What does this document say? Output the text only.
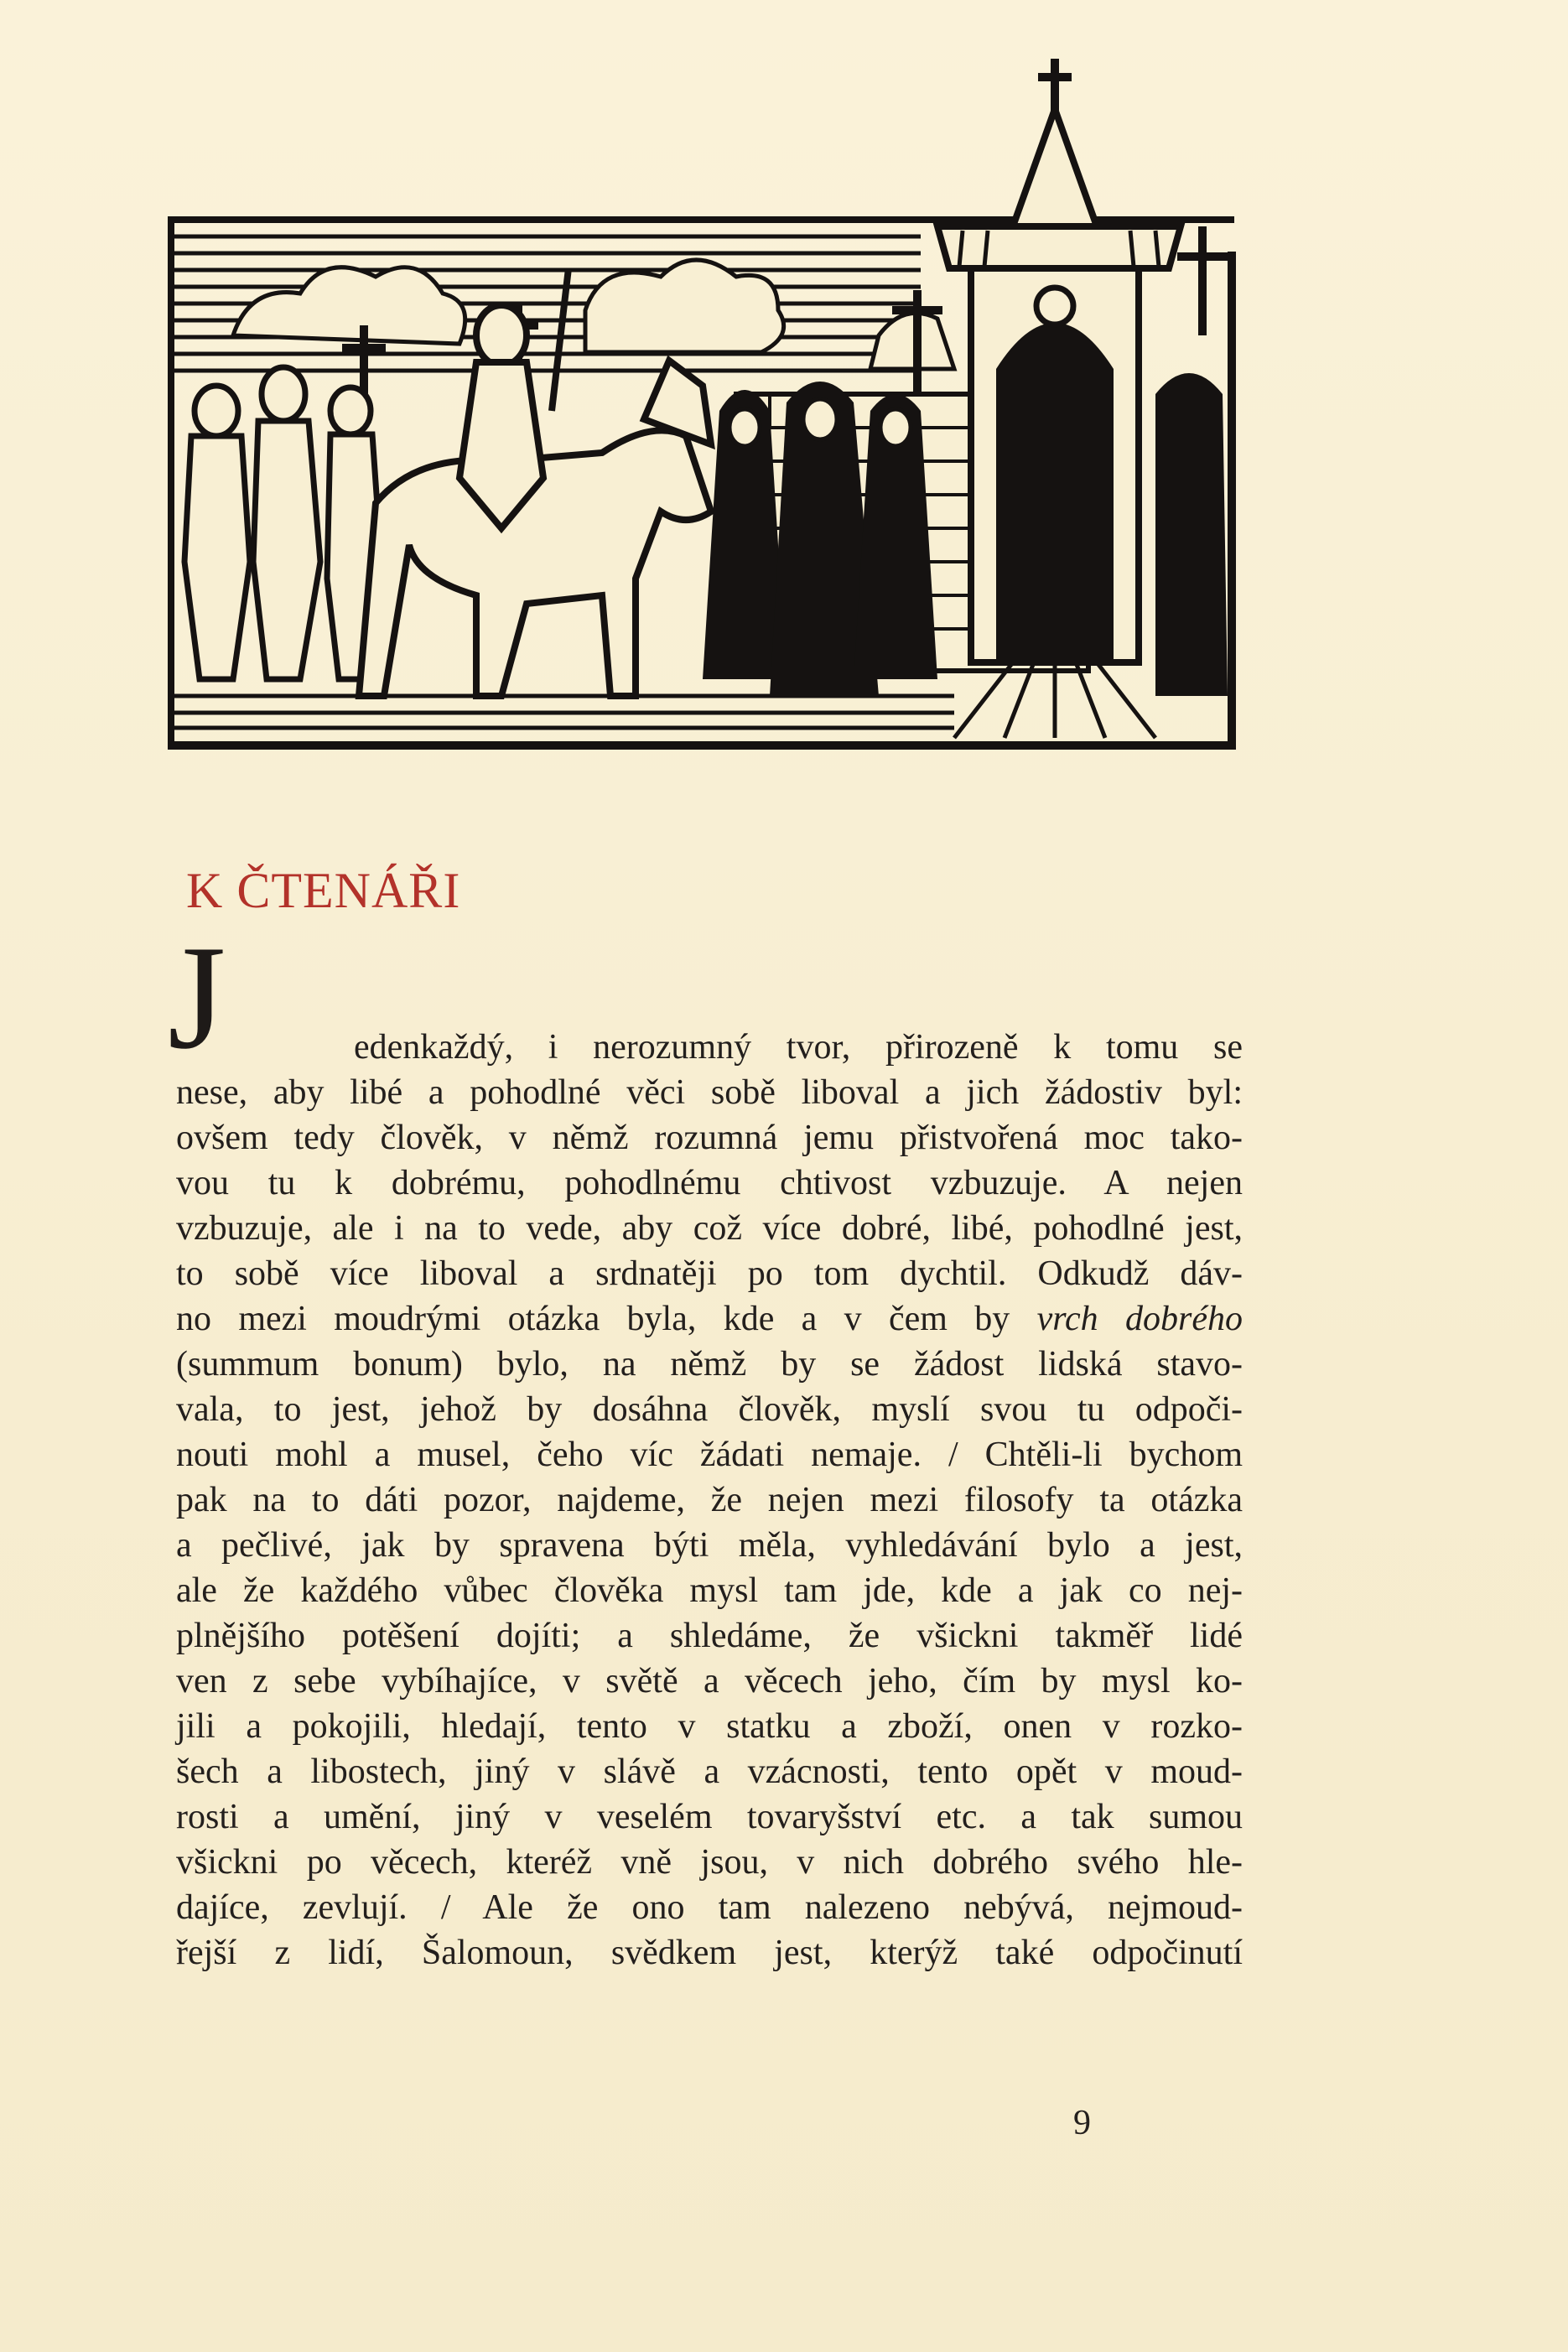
K ČTENÁŘI
J	edenkaždý, i nerozumný tvor, přirozeně k tomu se
nese, aby libé a pohodlné věci sobě liboval a jich žádostiv byl:
ovšem tedy člověk, v němž rozumná jemu přistvořená moc tako-
vou tu k dobrému, pohodlnému chtivost vzbuzuje. A nejen
vzbuzuje, ale i na to vede, aby což více dobré, libé, pohodlné jest,
to sobě více liboval a srdnatěji po tom dychtil. Odkudž dáv-
no mezi moudrými otázka byla, kde a v čem by vrch dobrého
(summum bonum) bylo, na němž by se žádost lidská stavo-
vala, to jest, jehož by dosáhna člověk, myslí svou tu odpoči-
nouti mohl a musel, čeho víc žádati nemaje. / Chtěli-li bychom
pak na to dáti pozor, najdeme, že nejen mezi filosofy ta otázka
a pečlivé, jak by spravena býti měla, vyhledávání bylo a jest,
ale že každého vůbec člověka mysl tam jde, kde a jak co nej-
plnějšího potěšení dojíti; a shledáme, že všickni takměř lidé
ven z sebe vybíhajíce, v světě a věcech jeho, čím by mysl ko-
jili a pokojili, hledají, tento v statku a zboží, onen v rozko-
šech a libostech, jiný v slávě a vzácnosti, tento opět v moud-
rosti a umění, jiný v veselém tovaryšství etc. a tak sumou
všickni po věcech, kteréž vně jsou, v nich dobrého svého hle-
dajíce, zevlují. / Ale že ono tam nalezeno nebývá, nejmoud-
řejší z lidí, Šalomoun, svědkem jest, kterýž také odpočinutí
9
